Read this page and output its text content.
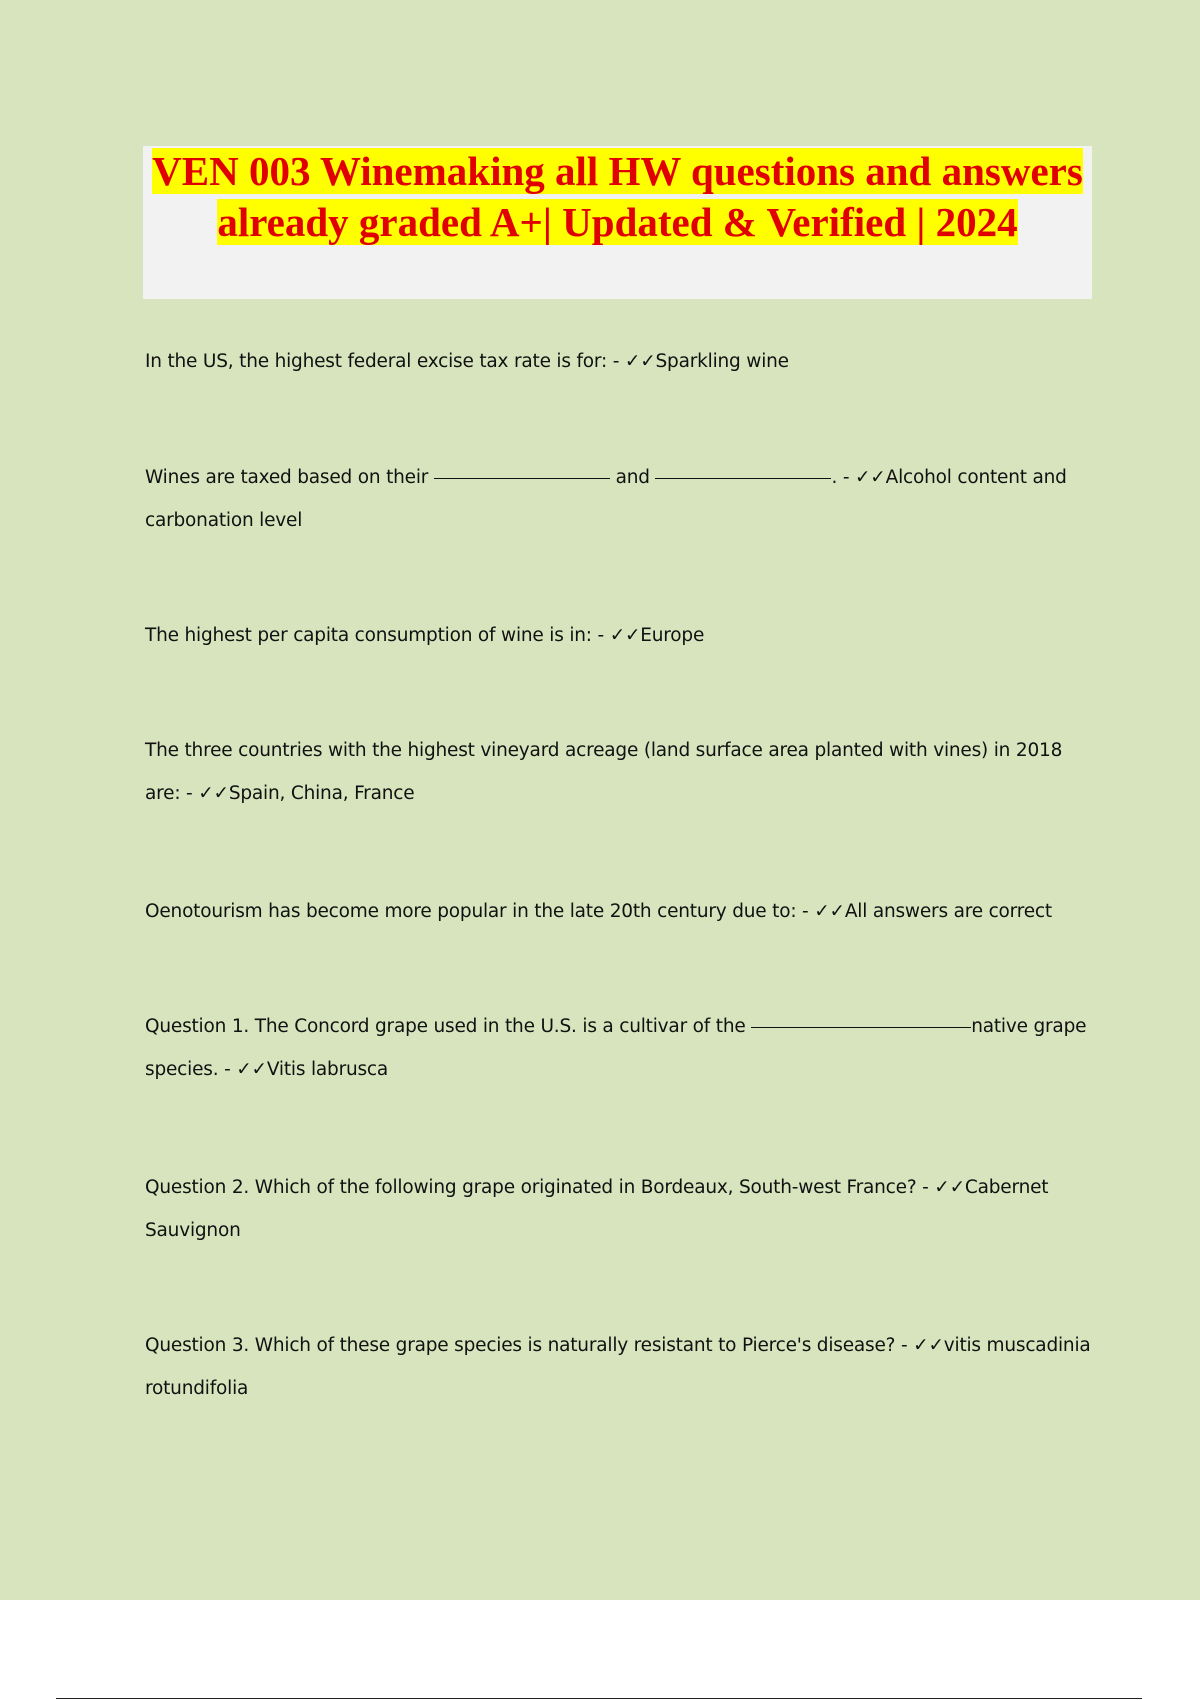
VEN 003 Winemaking all HW questions and answers already graded A+| Updated & Verified | 2024
In the US, the highest federal excise tax rate is for: - ✓✓Sparkling wine
Wines are taxed based on their	and	. - ✓✓Alcohol content and carbonation level
The highest per capita consumption of wine is in: - ✓✓Europe
The three countries with the highest vineyard acreage (land surface area planted with vines) in 2018 are: - ✓✓Spain, China, France
Oenotourism has become more popular in the late 20th century due to: - ✓✓All answers are correct
Question 1. The Concord grape used in the U.S. is a cultivar of the	native grape species. - ✓✓Vitis labrusca
Question 2. Which of the following grape originated in Bordeaux, South-west France? - ✓✓Cabernet Sauvignon
Question 3. Which of these grape species is naturally resistant to Pierce's disease? - ✓✓vitis muscadinia rotundifolia
